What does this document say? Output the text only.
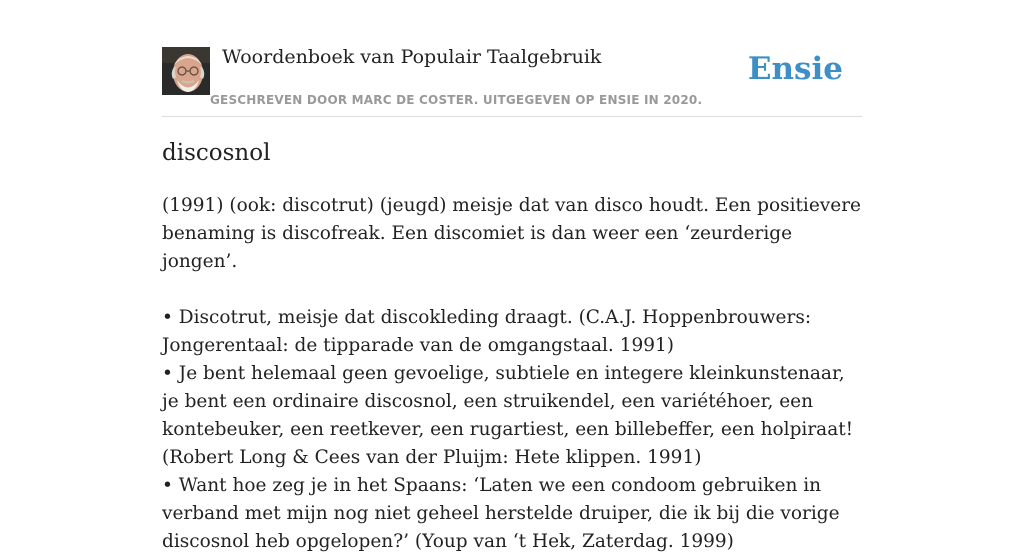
Woordenboek van Populair Taalgebruik
GESCHREVEN DOOR MARC DE COSTER. UITGEGEVEN OP ENSIE IN 2020.
Ensie
discosnol

(1991) (ook: discotrut) (jeugd) meisje dat van disco houdt. Een positievere benaming is discofreak. Een discomiet is dan weer een ‘zeurderige jongen’.

• Discotrut, meisje dat discokleding draagt. (C.A.J. Hoppenbrouwers: Jongerentaal: de tipparade van de omgangstaal. 1991)

• Je bent helemaal geen gevoelige, subtiele en integere kleinkunstenaar, je bent een ordinaire discosnol, een struikendel, een variétéhoer, een kontebeuker, een reetkever, een rugartiest, een billebeffer, een holpiraat! (Robert Long & Cees van der Pluijm: Hete klippen. 1991)

• Want hoe zeg je in het Spaans: ‘Laten we een condoom gebruiken in verband met mijn nog niet geheel herstelde druiper, die ik bij die vorige discosnol heb opgelopen?’ (Youp van ‘t Hek, Zaterdag. 1999)
